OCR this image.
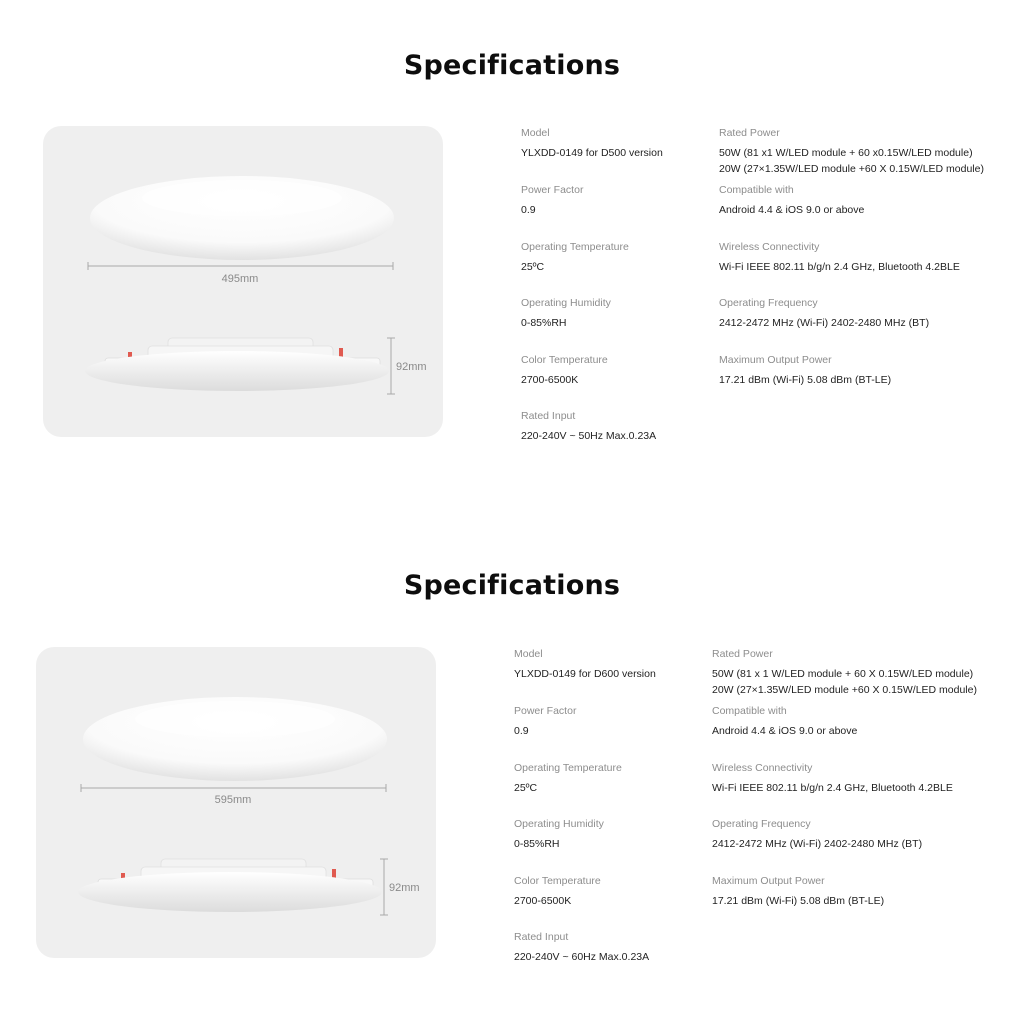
Specifications
495mm
92mm
Model
YLXDD-0149 for D500 version
Power Factor
0.9
Operating Temperature
25ºC
Operating Humidity
0-85%RH
Color Temperature
2700-6500K
Rated Input
220-240V ~ 50Hz Max.0.23A
Rated Power
50W (81 x1 W/LED module + 60 x0.15W/LED module)
20W (27×1.35W/LED module +60 X 0.15W/LED module)
Compatible with
Android 4.4 & iOS 9.0 or above
Wireless Connectivity
Wi-Fi IEEE 802.11 b/g/n 2.4 GHz, Bluetooth 4.2BLE
Operating Frequency
2412-2472 MHz (Wi-Fi) 2402-2480 MHz (BT)
Maximum Output Power
17.21 dBm (Wi-Fi) 5.08 dBm (BT-LE)
Specifications
595mm
92mm
Model
YLXDD-0149 for D600 version
Power Factor
0.9
Operating Temperature
25ºC
Operating Humidity
0-85%RH
Color Temperature
2700-6500K
Rated Input
220-240V ~ 60Hz Max.0.23A
Rated Power
50W (81 x 1 W/LED module + 60 X 0.15W/LED module)
20W (27×1.35W/LED module +60 X 0.15W/LED module)
Compatible with
Android 4.4 & iOS 9.0 or above
Wireless Connectivity
Wi-Fi IEEE 802.11 b/g/n 2.4 GHz, Bluetooth 4.2BLE
Operating Frequency
2412-2472 MHz (Wi-Fi) 2402-2480 MHz (BT)
Maximum Output Power
17.21 dBm (Wi-Fi) 5.08 dBm (BT-LE)
